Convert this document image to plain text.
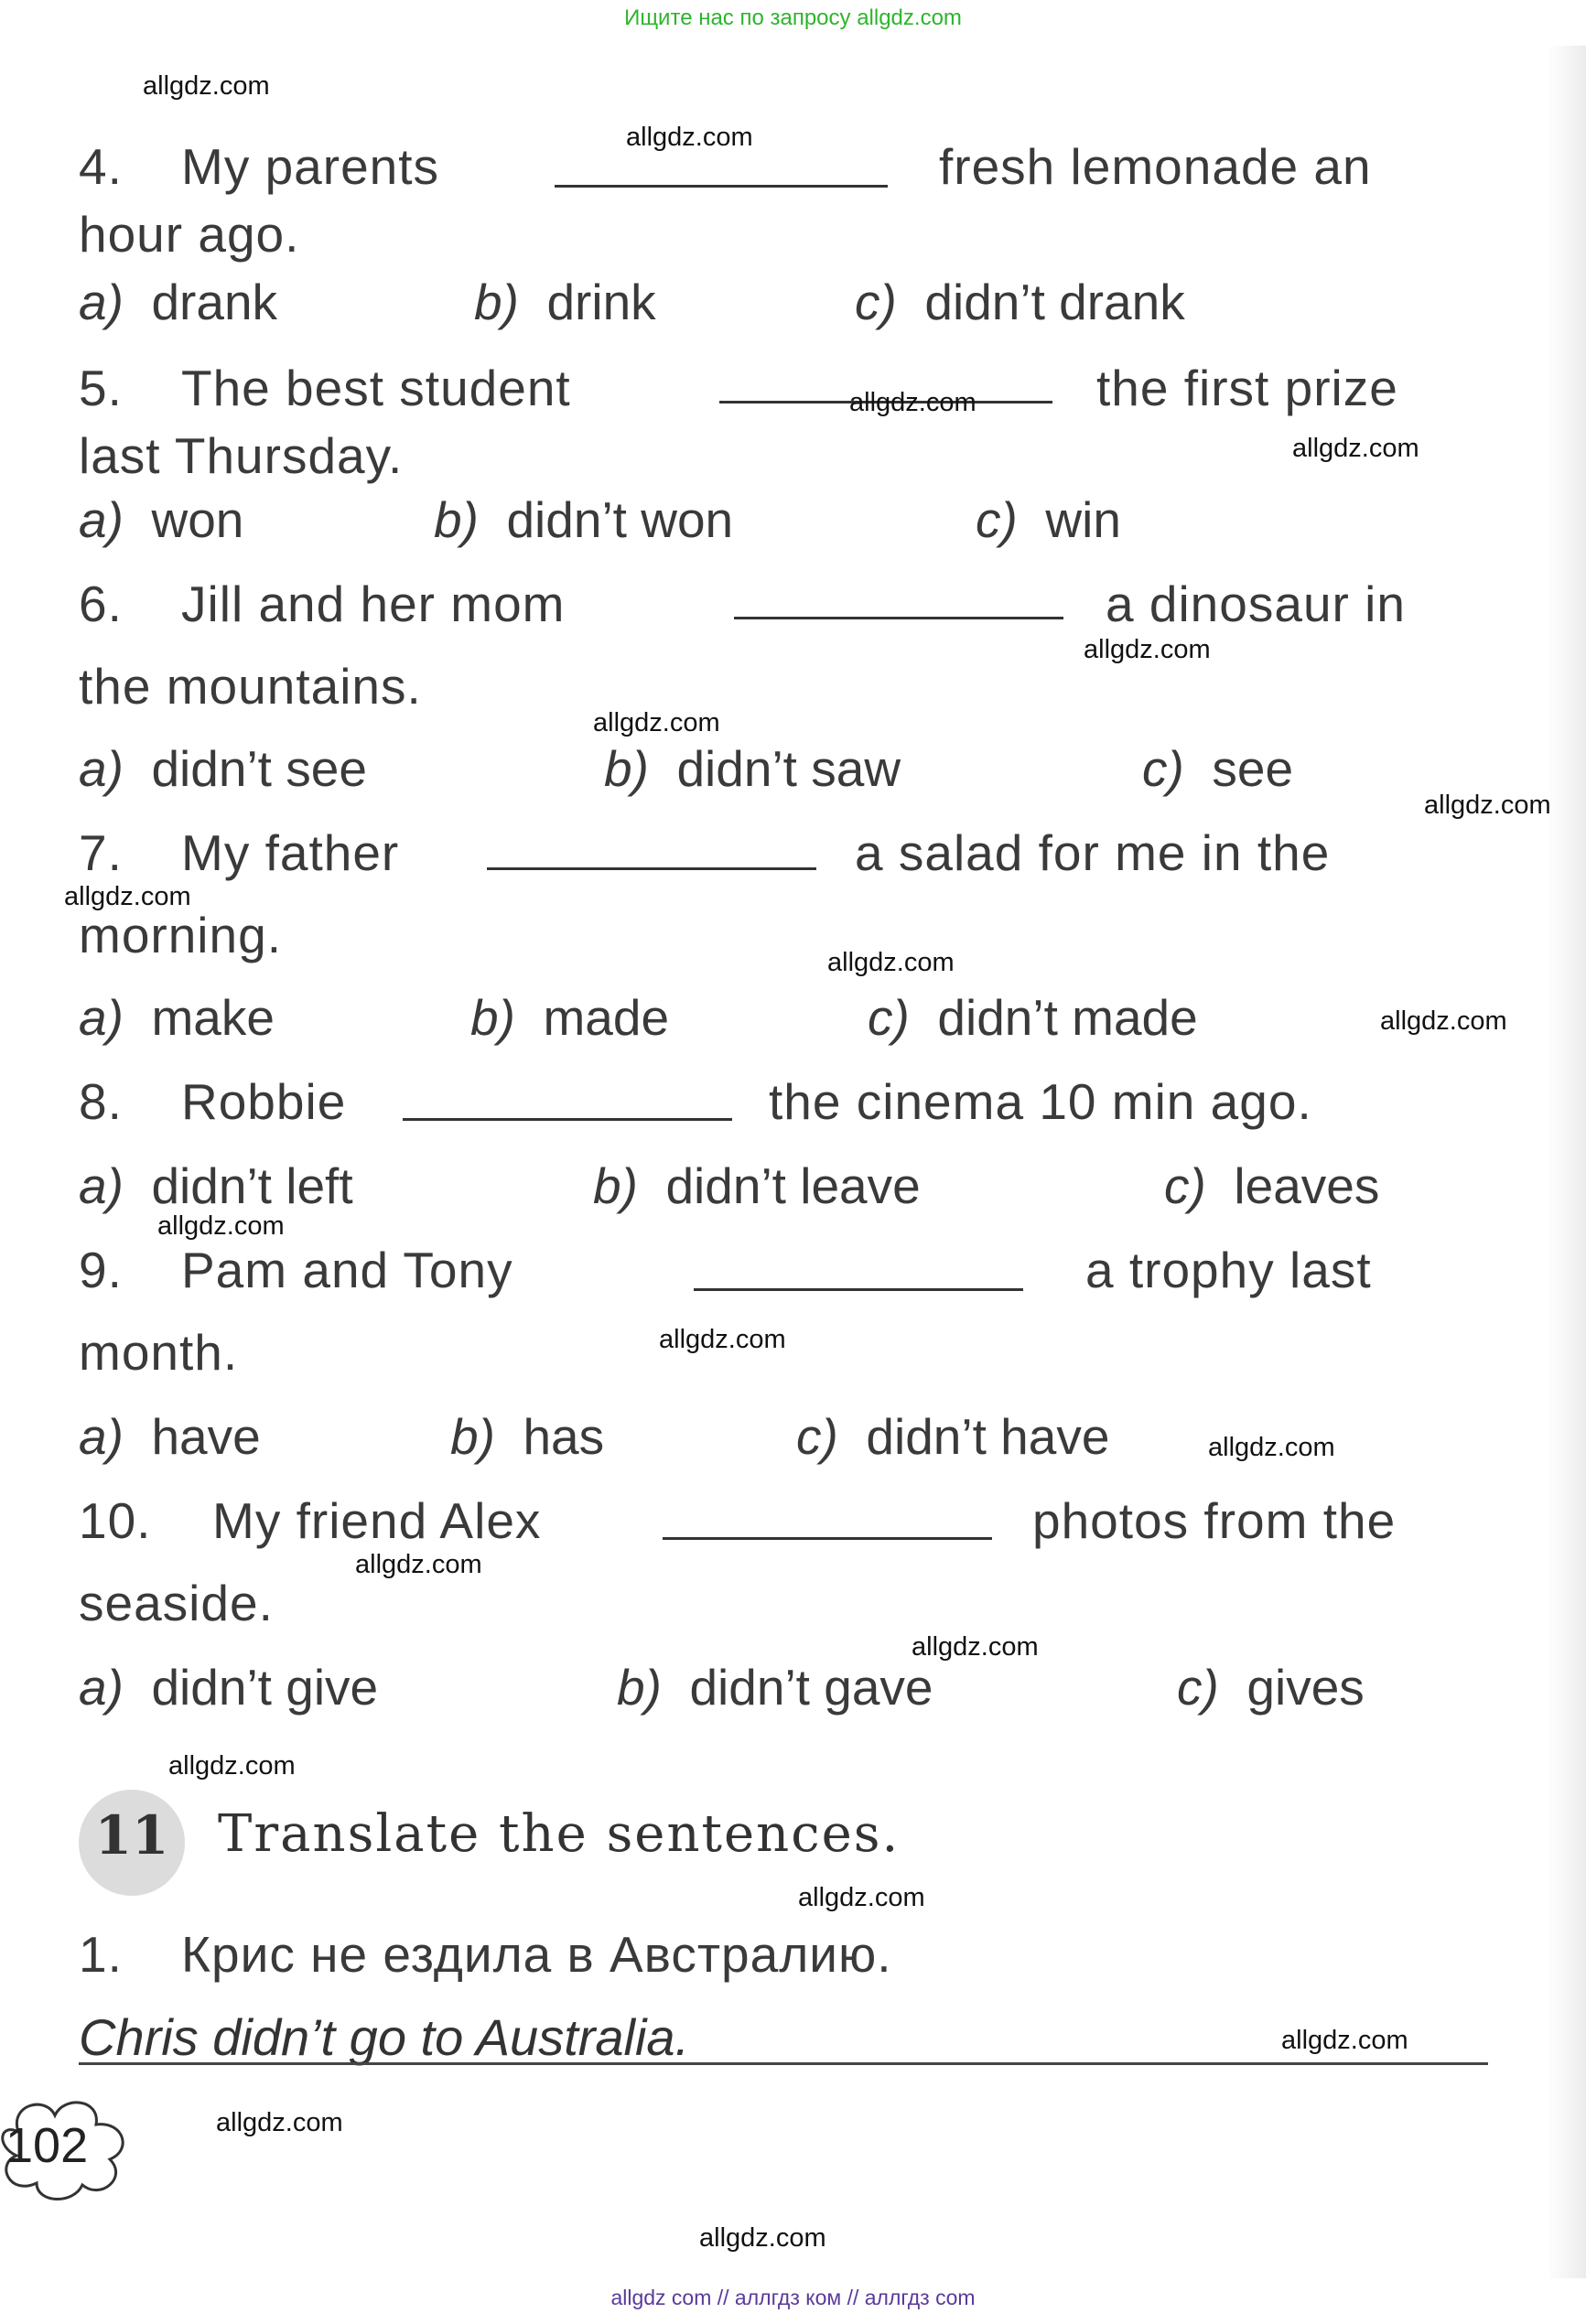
Ищите нас по запросу allgdz.com
4. My parents	fresh lemonade an
hour ago.
a) drank	b) drink	c) didn’t drank
5. The best student	the first prize
last Thursday.
a) won	b) didn’t won	c) win
6. Jill and her mom	a dinosaur in
the mountains.
a) didn’t see	b) didn’t saw	c) see
7. My father	a salad for me in the
morning.
a) make	b) made	c) didn’t made
8. Robbie	the cinema 10 min ago.
a) didn’t left	b) didn’t leave	c) leaves
9. Pam and Tony	a trophy last
month.
a) have	b) has	c) didn’t have
10. My friend Alex	photos from the
seaside.
a) didn’t give	b) didn’t gave	c) gives
11 Translate the sentences.
1. Крис не ездила в Австралию.
Chris didn’t go to Australia.
102
allgdz.com
allgdz.com
allgdz.com
allgdz.com
allgdz.com
allgdz.com
allgdz.com
allgdz.com
allgdz.com
allgdz.com
allgdz.com
allgdz.com
allgdz.com
allgdz.com
allgdz.com
allgdz.com
allgdz.com
allgdz.com
allgdz.com
allgdz.com
allgdz com // аллгдз ком // аллгдз com
